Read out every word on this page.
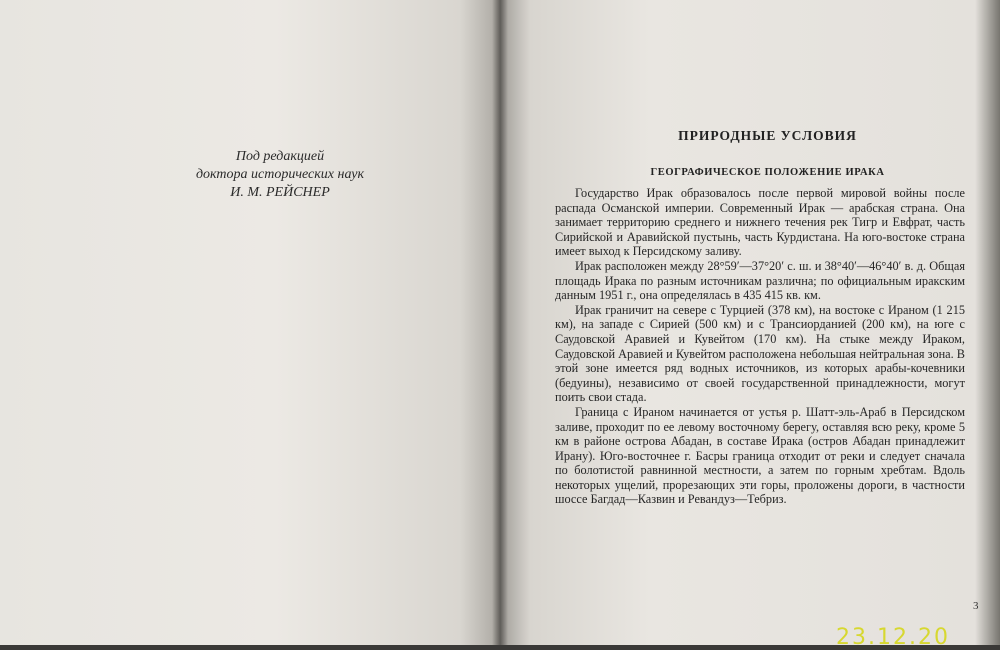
Под редакцией
доктора исторических наук
И. М. РЕЙСНЕР
ПРИРОДНЫЕ УСЛОВИЯ
ГЕОГРАФИЧЕСКОЕ ПОЛОЖЕНИЕ ИРАКА

Государство Ирак образовалось после первой мировой войны после распада Османской империи. Современный Ирак — арабская страна. Она занимает территорию среднего и нижнего течения рек Тигр и Евфрат, часть Сирийской и Аравийской пустынь, часть Курдистана. На юго-востоке страна имеет выход к Персидскому заливу.

Ирак расположен между 28°59′—37°20′ с. ш. и 38°40′—46°40′ в. д. Общая площадь Ирака по разным источникам различна; по официальным иракским данным 1951 г., она определялась в 435 415 кв. км.

Ирак граничит на севере с Турцией (378 км), на востоке с Ираном (1 215 км), на западе с Сирией (500 км) и с Трансиорданией (200 км), на юге с Саудовской Аравией и Кувейтом (170 км). На стыке между Ираком, Саудовской Аравией и Кувейтом расположена небольшая нейтральная зона. В этой зоне имеется ряд водных источников, из которых арабы-кочевники (бедуины), независимо от своей государственной принадлежности, могут поить свои стада.

Граница с Ираном начинается от устья р. Шатт-эль-Араб в Персидском заливе, проходит по ее левому восточному берегу, оставляя всю реку, кроме 5 км в районе острова Абадан, в составе Ирака (остров Абадан принадлежит Ирану). Юго-восточнее г. Басры граница отходит от реки и следует сначала по болотистой равнинной местности, а затем по горным хребтам. Вдоль некоторых ущелий, прорезающих эти горы, проложены дороги, в частности шоссе Багдад—Казвин и Ревандуз—Тебриз.

3
23.12.20
